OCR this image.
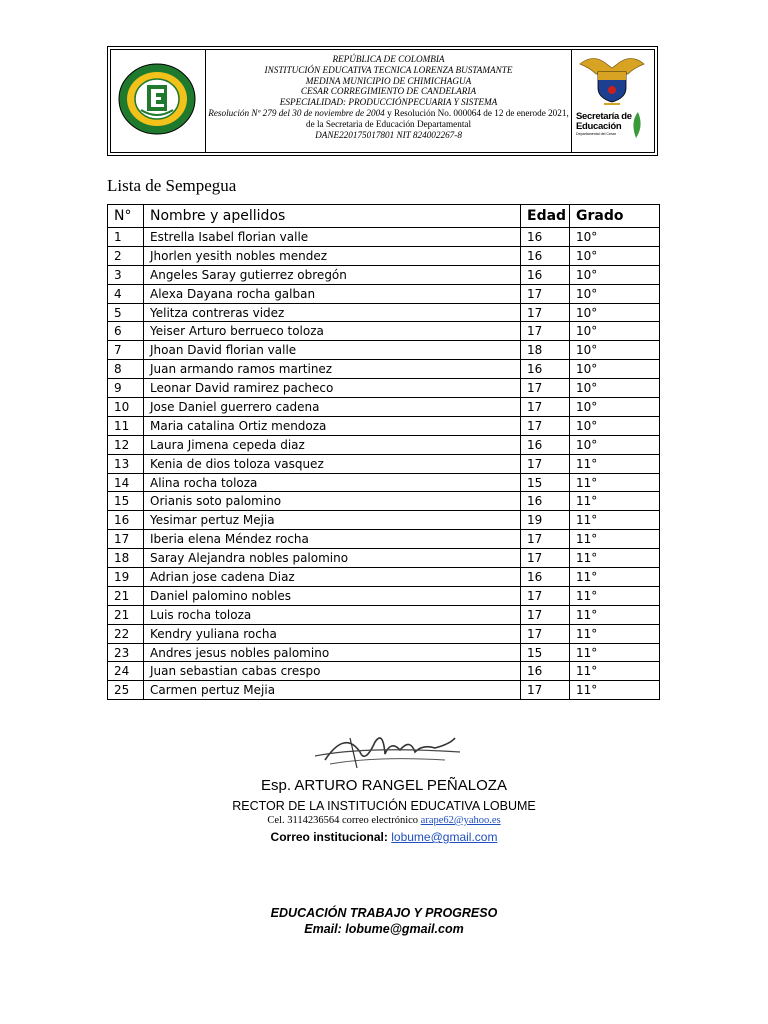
REPÚBLICA DE COLOMBIA
INSTITUCIÓN EDUCATIVA TECNICA LORENZA BUSTAMANTE
MEDINA MUNICIPIO DE CHIMICHAGUA
CESAR CORREGIMIENTO DE CANDELARIA
ESPECIALIDAD: PRODUCCIÓNPECUARIA Y SISTEMA
Resolución Nº 279 del 30 de noviembre de 2004 y Resolución No. 000064 de 12 de enerode 2021, de la Secretaria de Educación Departamental
DANE220175017801 NIT 824002267-8
Secretaría de
Educación
Departamental del Cesar
Lista de Sempegua
N°	Nombre y apellidos	Edad	Grado
1	Estrella Isabel florian valle	16	10°
2	Jhorlen yesith nobles mendez	16	10°
3	Angeles Saray gutierrez obregón	16	10°
4	Alexa Dayana rocha galban	17	10°
5	Yelitza contreras videz	17	10°
6	Yeiser Arturo berrueco toloza	17	10°
7	Jhoan David florian valle	18	10°
8	Juan armando ramos martinez	16	10°
9	Leonar David ramirez pacheco	17	10°
10	Jose Daniel guerrero cadena	17	10°
11	Maria catalina Ortiz mendoza	17	10°
12	Laura Jimena cepeda diaz	16	10°
13	Kenia de dios toloza vasquez	17	11°
14	Alina rocha toloza	15	11°
15	Orianis soto palomino	16	11°
16	Yesimar pertuz Mejia	19	11°
17	Iberia elena Méndez rocha	17	11°
18	Saray Alejandra nobles palomino	17	11°
19	Adrian jose cadena Diaz	16	11°
21	Daniel palomino nobles	17	11°
21	Luis rocha toloza	17	11°
22	Kendry yuliana rocha	17	11°
23	Andres jesus nobles palomino	15	11°
24	Juan sebastian cabas crespo	16	11°
25	Carmen pertuz Mejia	17	11°
Esp. ARTURO RANGEL PEÑALOZA
RECTOR DE LA INSTITUCIÓN EDUCATIVA LOBUME
Cel. 3114236564 correo electrónico arape62@yahoo.es
Correo institucional: lobume@gmail.com
EDUCACIÓN TRABAJO Y PROGRESO
Email: lobume@gmail.com
